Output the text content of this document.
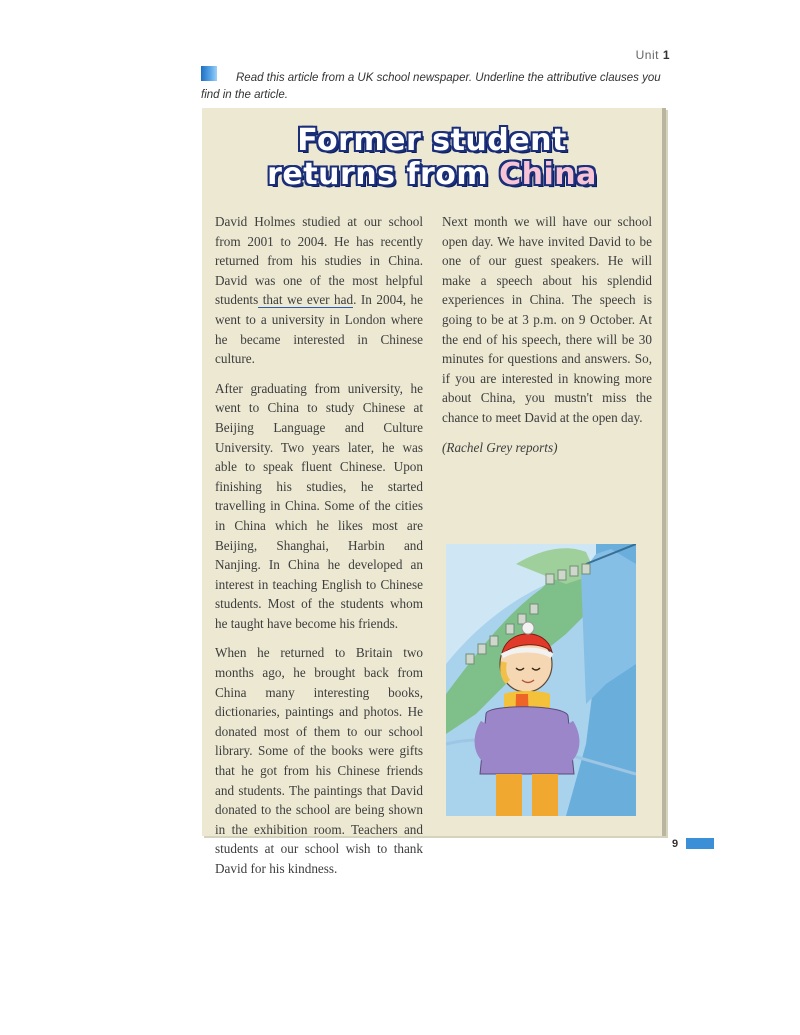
Unit 1
Read this article from a UK school newspaper. Underline the attributive clauses you find in the article.
Former student
returns from China

David Holmes studied at our school from 2001 to 2004. He has recently returned from his studies in China. David was one of the most helpful students that we ever had. In 2004, he went to a university in London where he became interested in Chinese culture.

After graduating from university, he went to China to study Chinese at Beijing Language and Culture University. Two years later, he was able to speak fluent Chinese. Upon finishing his studies, he started travelling in China. Some of the cities in China which he likes most are Beijing, Shanghai, Harbin and Nanjing. In China he developed an interest in teaching English to Chinese students. Most of the students whom he taught have become his friends.

When he returned to Britain two months ago, he brought back from China many interesting books, dictionaries, paintings and photos. He donated most of them to our school library. Some of the books were gifts that he got from his Chinese friends and students. The paintings that David donated to the school are being shown in the exhibition room. Teachers and students at our school wish to thank David for his kindness.

Next month we will have our school open day. We have invited David to be one of our guest speakers. He will make a speech about his splendid experiences in China. The speech is going to be at 3 p.m. on 9 October. At the end of his speech, there will be 30 minutes for questions and answers. So, if you are interested in knowing more about China, you mustn't miss the chance to meet David at the open day.

(Rachel Grey reports)

9
